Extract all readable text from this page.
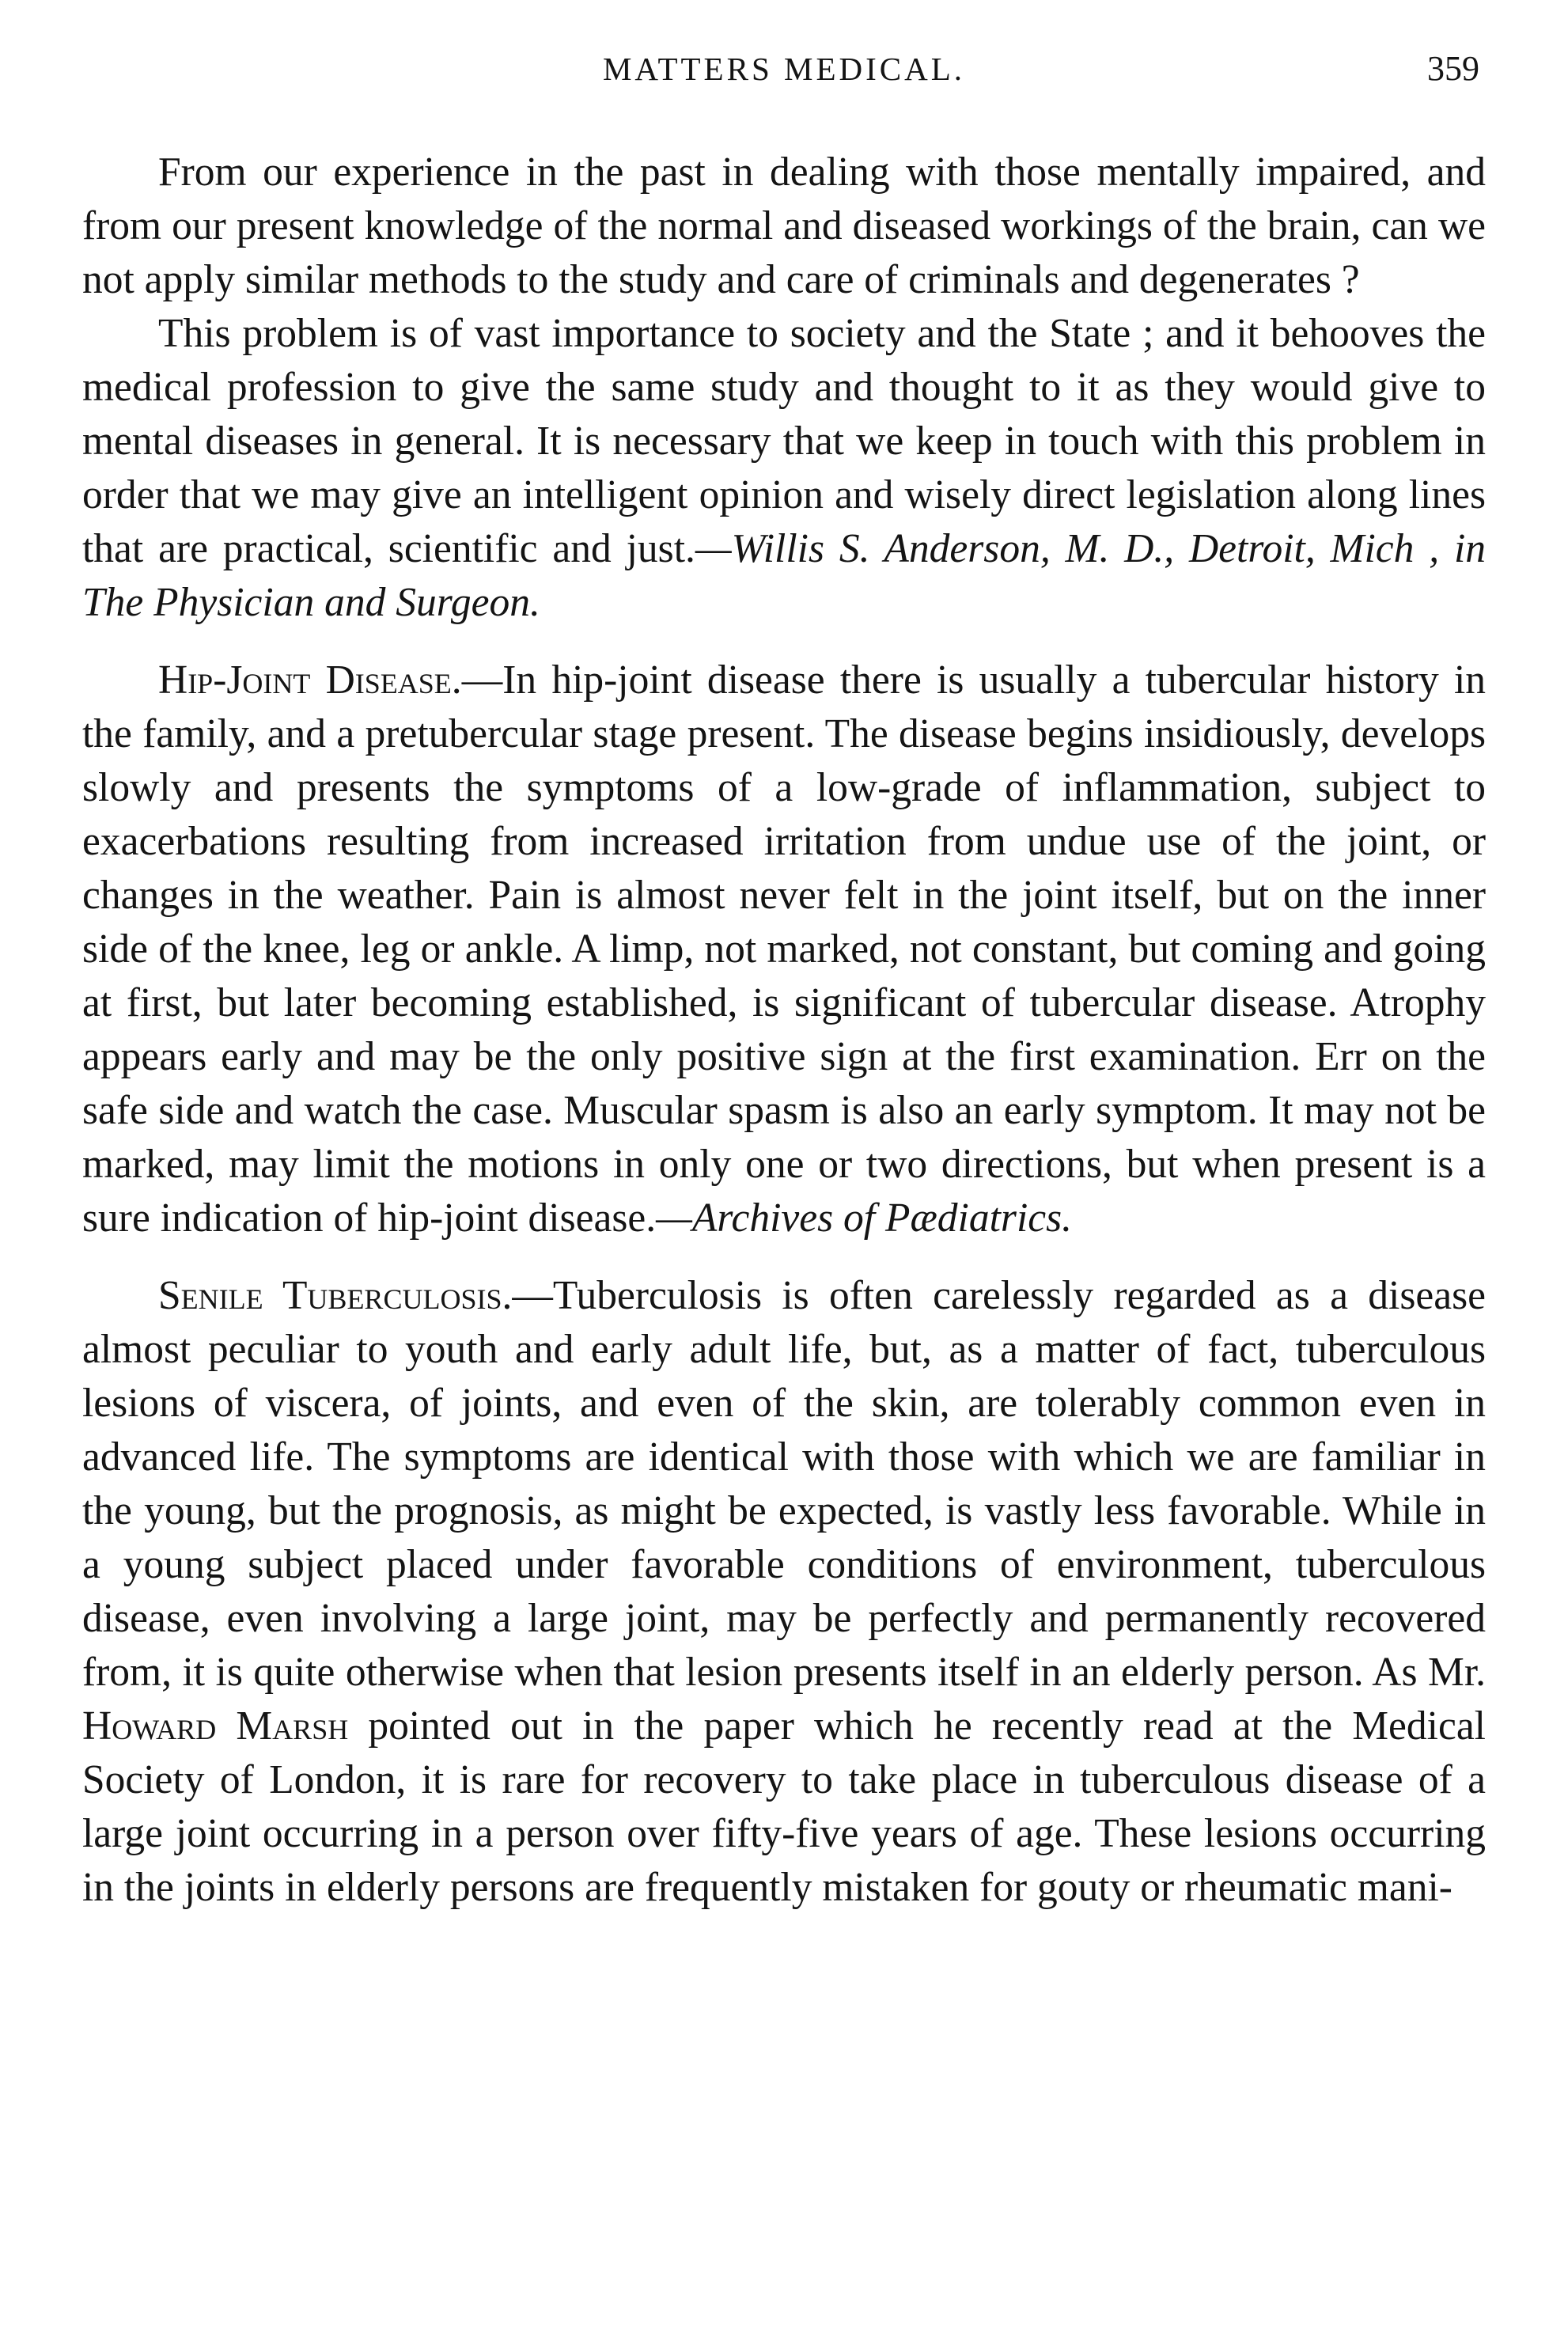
MATTERS MEDICAL.	359

From our experience in the past in dealing with those mentally impaired, and from our present knowledge of the normal and diseased workings of the brain, can we not apply similar methods to the study and care of criminals and degenerates ?

This problem is of vast importance to society and the State ; and it behooves the medical profession to give the same study and thought to it as they would give to mental diseases in general. It is necessary that we keep in touch with this problem in order that we may give an intelligent opinion and wisely direct legislation along lines that are practical, scientific and just.—Willis S. Anderson, M. D., Detroit, Mich , in The Physician and Surgeon.

Hip-Joint Disease.—In hip-joint disease there is usually a tubercular history in the family, and a pretubercular stage present. The disease begins insidiously, develops slowly and presents the symptoms of a low-grade of inflammation, subject to exacerbations resulting from increased irritation from undue use of the joint, or changes in the weather. Pain is almost never felt in the joint itself, but on the inner side of the knee, leg or ankle. A limp, not marked, not constant, but coming and going at first, but later becoming established, is significant of tubercular disease. Atrophy appears early and may be the only positive sign at the first examination. Err on the safe side and watch the case. Muscular spasm is also an early symptom. It may not be marked, may limit the motions in only one or two directions, but when present is a sure indication of hip-joint disease.—Archives of Pædiatrics.

Senile Tuberculosis.—Tuberculosis is often carelessly regarded as a disease almost peculiar to youth and early adult life, but, as a matter of fact, tuberculous lesions of viscera, of joints, and even of the skin, are tolerably common even in advanced life. The symptoms are identical with those with which we are familiar in the young, but the prognosis, as might be expected, is vastly less favorable. While in a young subject placed under favorable conditions of environment, tuberculous disease, even involving a large joint, may be perfectly and permanently recovered from, it is quite otherwise when that lesion presents itself in an elderly person. As Mr. Howard Marsh pointed out in the paper which he recently read at the Medical Society of London, it is rare for recovery to take place in tuberculous disease of a large joint occurring in a person over fifty-five years of age. These lesions occurring in the joints in elderly persons are frequently mistaken for gouty or rheumatic mani-
